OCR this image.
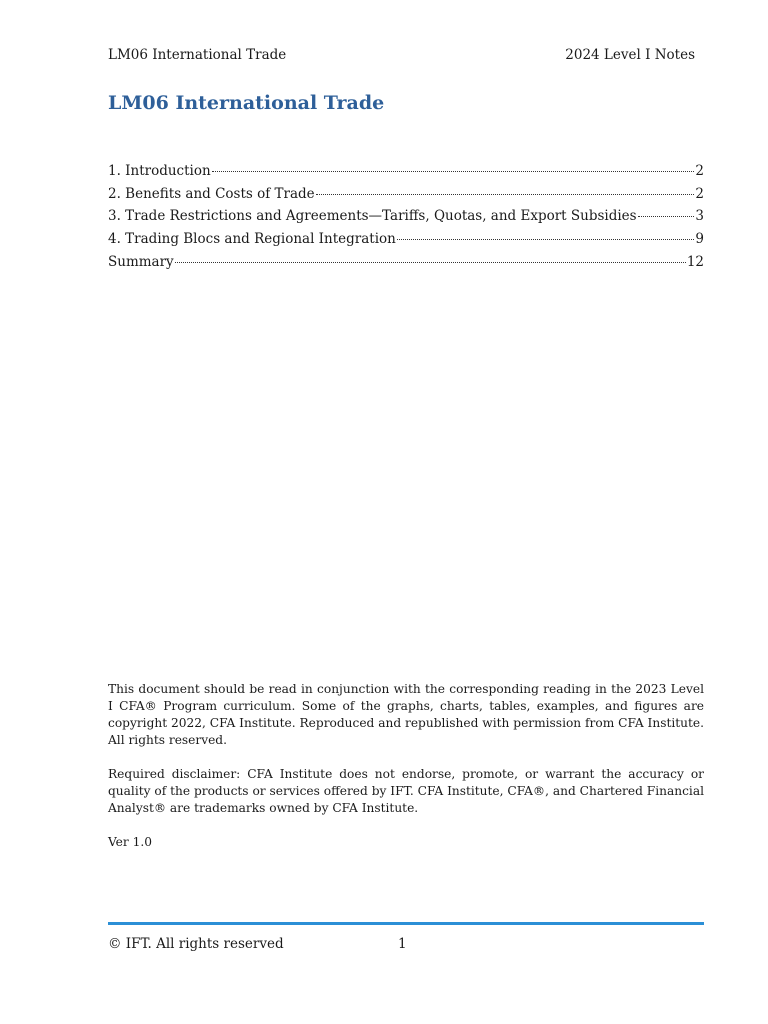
LM06 International Trade	2024 Level I Notes
LM06 International Trade
1. Introduction	2
2. Benefits and Costs of Trade	2
3. Trade Restrictions and Agreements—Tariffs, Quotas, and Export Subsidies	3
4. Trading Blocs and Regional Integration	9
Summary	12

This document should be read in conjunction with the corresponding reading in the 2023 Level I CFA® Program curriculum. Some of the graphs, charts, tables, examples, and figures are copyright 2022, CFA Institute. Reproduced and republished with permission from CFA Institute. All rights reserved.

Required disclaimer: CFA Institute does not endorse, promote, or warrant the accuracy or quality of the products or services offered by IFT. CFA Institute, CFA®, and Chartered Financial Analyst® are trademarks owned by CFA Institute.

Ver 1.0

© IFT. All rights reserved	1
